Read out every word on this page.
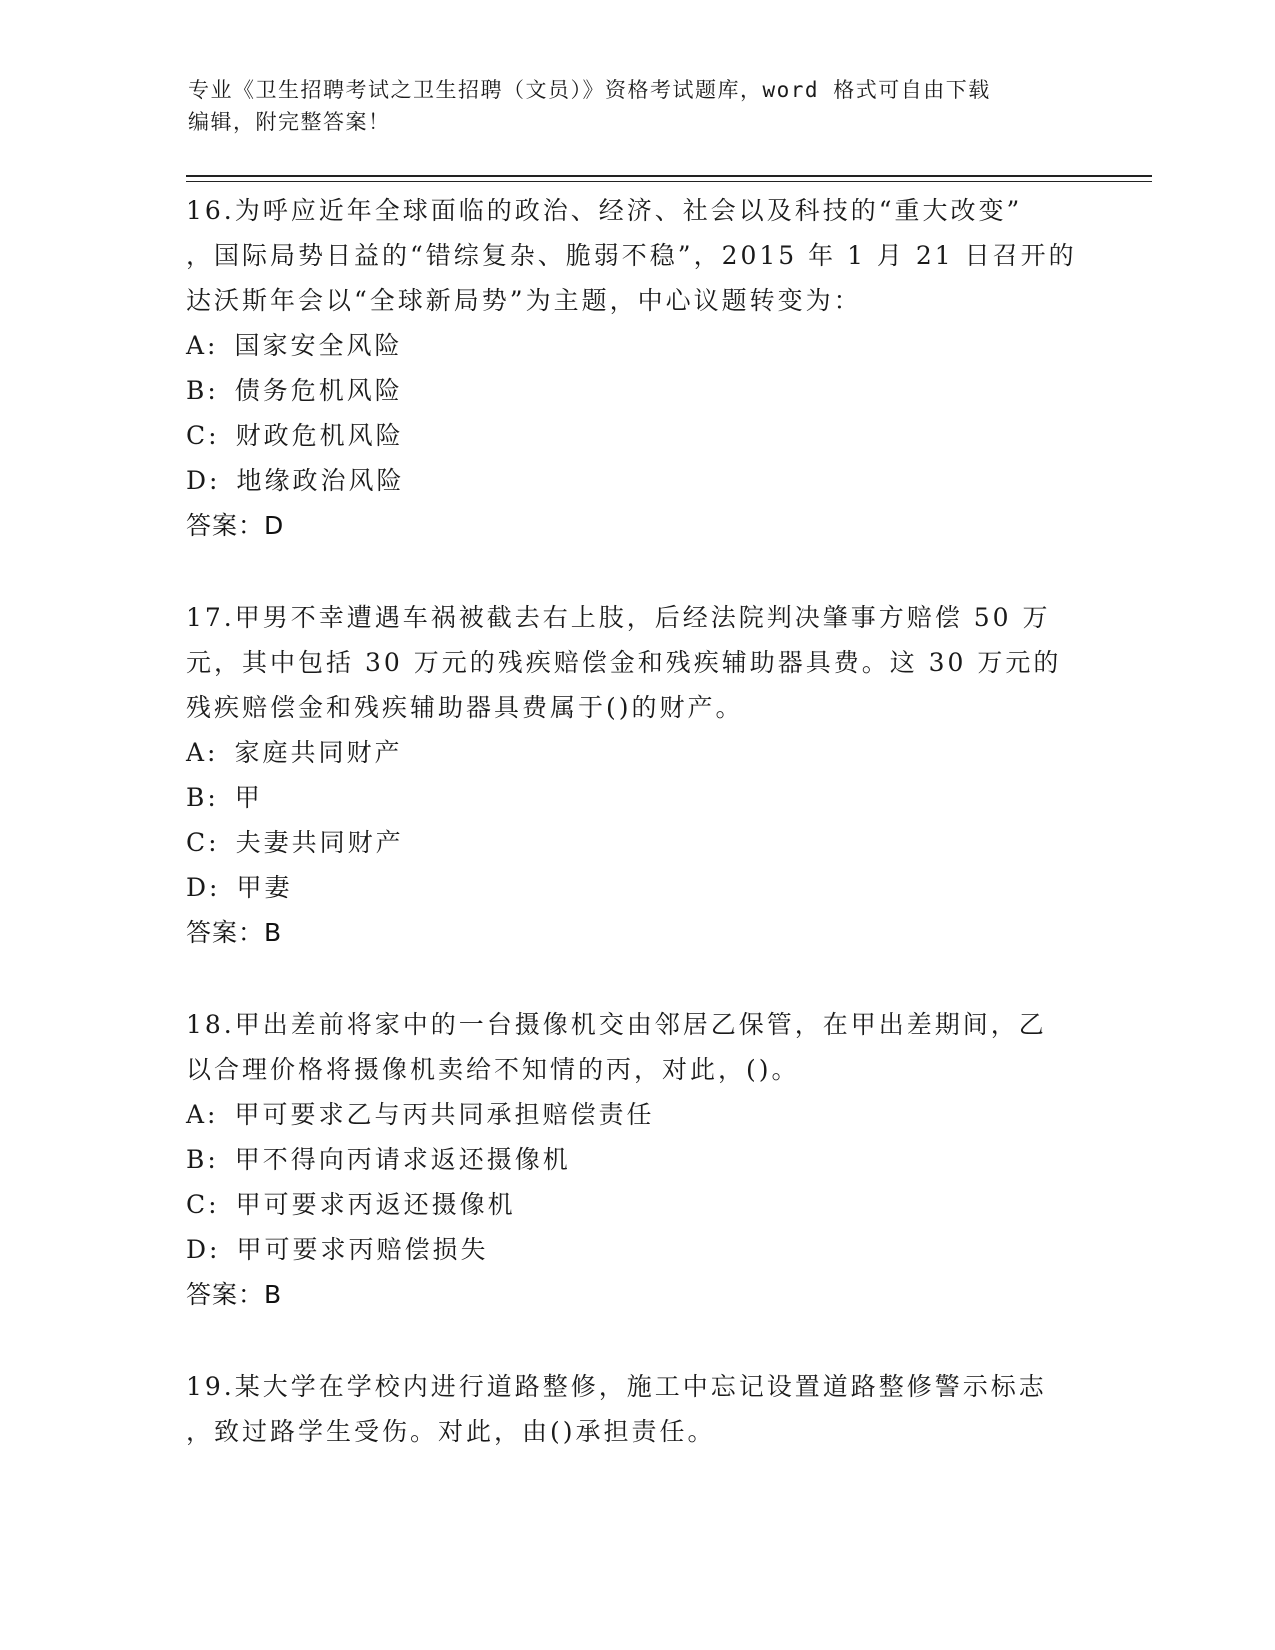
专业《卫生招聘考试之卫生招聘（文员）》资格考试题库，word 格式可自由下载
编辑，附完整答案！
16.为呼应近年全球面临的政治、经济、社会以及科技的“重大改变”
，国际局势日益的“错综复杂、脆弱不稳”，2015 年 1 月 21 日召开的
达沃斯年会以“全球新局势”为主题，中心议题转变为：
A: 国家安全风险
B: 债务危机风险
C: 财政危机风险
D: 地缘政治风险
答案：D
17.甲男不幸遭遇车祸被截去右上肢，后经法院判决肇事方赔偿 50 万
元，其中包括 30 万元的残疾赔偿金和残疾辅助器具费。这 30 万元的
残疾赔偿金和残疾辅助器具费属于()的财产。
A: 家庭共同财产
B: 甲
C: 夫妻共同财产
D: 甲妻
答案：B
18.甲出差前将家中的一台摄像机交由邻居乙保管，在甲出差期间，乙
以合理价格将摄像机卖给不知情的丙，对此，()。
A: 甲可要求乙与丙共同承担赔偿责任
B: 甲不得向丙请求返还摄像机
C: 甲可要求丙返还摄像机
D: 甲可要求丙赔偿损失
答案：B
19.某大学在学校内进行道路整修，施工中忘记设置道路整修警示标志
，致过路学生受伤。对此，由()承担责任。
